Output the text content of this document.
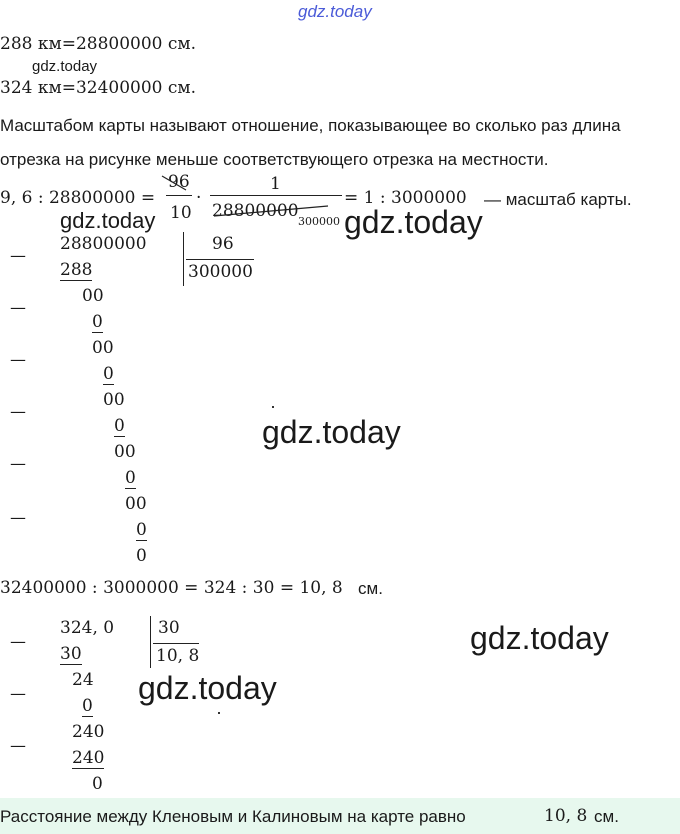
gdz.today
gdz.today
gdz.today	gdz.today
gdz.today
gdz.today
gdz.today
288 км=28800000 см.
324 км=32400000 см.
Масштабом карты называют отношение, показывающее во сколько раз длина
отрезка на рисунке меньше соответствующего отрезка на местности.
9, 6 : 28800000 =
96
10
·
1
28800000
300000
= 1 : 3000000 — масштаб карты.
—
—
—
—
—
—
28800000	96
300000
288
00
0
00
0
00
0
00
0
00
0
0
32400000 : 3000000 = 324 : 30 = 10, 8 см.
—
—
—
324, 0	30
10, 8
30
24
0
240
240
0
Расстояние между Кленовым и Калиновым на карте равно	10, 8 см.
